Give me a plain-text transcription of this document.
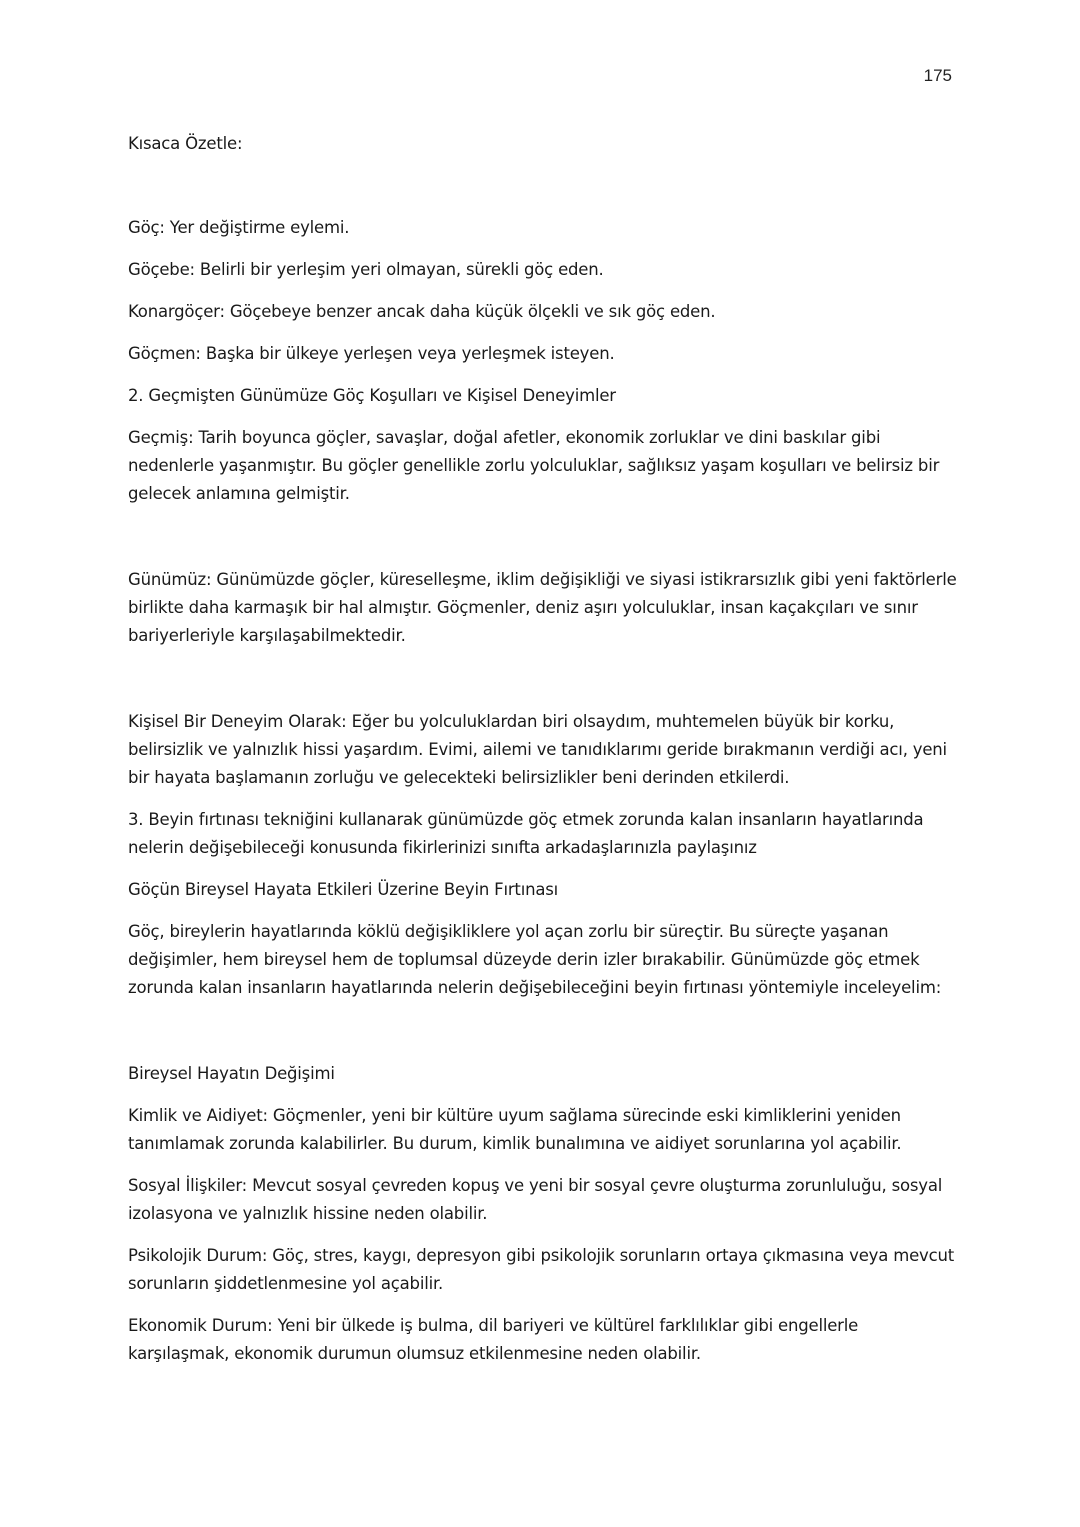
175

Kısaca Özetle:

Göç: Yer değiştirme eylemi.

Göçebe: Belirli bir yerleşim yeri olmayan, sürekli göç eden.

Konargöçer: Göçebeye benzer ancak daha küçük ölçekli ve sık göç eden.

Göçmen: Başka bir ülkeye yerleşen veya yerleşmek isteyen.

2. Geçmişten Günümüze Göç Koşulları ve Kişisel Deneyimler

Geçmiş: Tarih boyunca göçler, savaşlar, doğal afetler, ekonomik zorluklar ve dini baskılar gibi nedenlerle yaşanmıştır. Bu göçler genellikle zorlu yolculuklar, sağlıksız yaşam koşulları ve belirsiz bir gelecek anlamına gelmiştir.

Günümüz: Günümüzde göçler, küreselleşme, iklim değişikliği ve siyasi istikrarsızlık gibi yeni faktörlerle birlikte daha karmaşık bir hal almıştır. Göçmenler, deniz aşırı yolculuklar, insan kaçakçıları ve sınır bariyerleriyle karşılaşabilmektedir.

Kişisel Bir Deneyim Olarak: Eğer bu yolculuklardan biri olsaydım, muhtemelen büyük bir korku, belirsizlik ve yalnızlık hissi yaşardım. Evimi, ailemi ve tanıdıklarımı geride bırakmanın verdiği acı, yeni bir hayata başlamanın zorluğu ve gelecekteki belirsizlikler beni derinden etkilerdi.

3. Beyin fırtınası tekniğini kullanarak günümüzde göç etmek zorunda kalan insanların hayatlarında nelerin değişebileceği konusunda fikirlerinizi sınıfta arkadaşlarınızla paylaşınız

Göçün Bireysel Hayata Etkileri Üzerine Beyin Fırtınası

Göç, bireylerin hayatlarında köklü değişikliklere yol açan zorlu bir süreçtir. Bu süreçte yaşanan değişimler, hem bireysel hem de toplumsal düzeyde derin izler bırakabilir. Günümüzde göç etmek zorunda kalan insanların hayatlarında nelerin değişebileceğini beyin fırtınası yöntemiyle inceleyelim:

Bireysel Hayatın Değişimi

Kimlik ve Aidiyet: Göçmenler, yeni bir kültüre uyum sağlama sürecinde eski kimliklerini yeniden tanımlamak zorunda kalabilirler. Bu durum, kimlik bunalımına ve aidiyet sorunlarına yol açabilir.

Sosyal İlişkiler: Mevcut sosyal çevreden kopuş ve yeni bir sosyal çevre oluşturma zorunluluğu, sosyal izolasyona ve yalnızlık hissine neden olabilir.

Psikolojik Durum: Göç, stres, kaygı, depresyon gibi psikolojik sorunların ortaya çıkmasına veya mevcut sorunların şiddetlenmesine yol açabilir.

Ekonomik Durum: Yeni bir ülkede iş bulma, dil bariyeri ve kültürel farklılıklar gibi engellerle karşılaşmak, ekonomik durumun olumsuz etkilenmesine neden olabilir.
